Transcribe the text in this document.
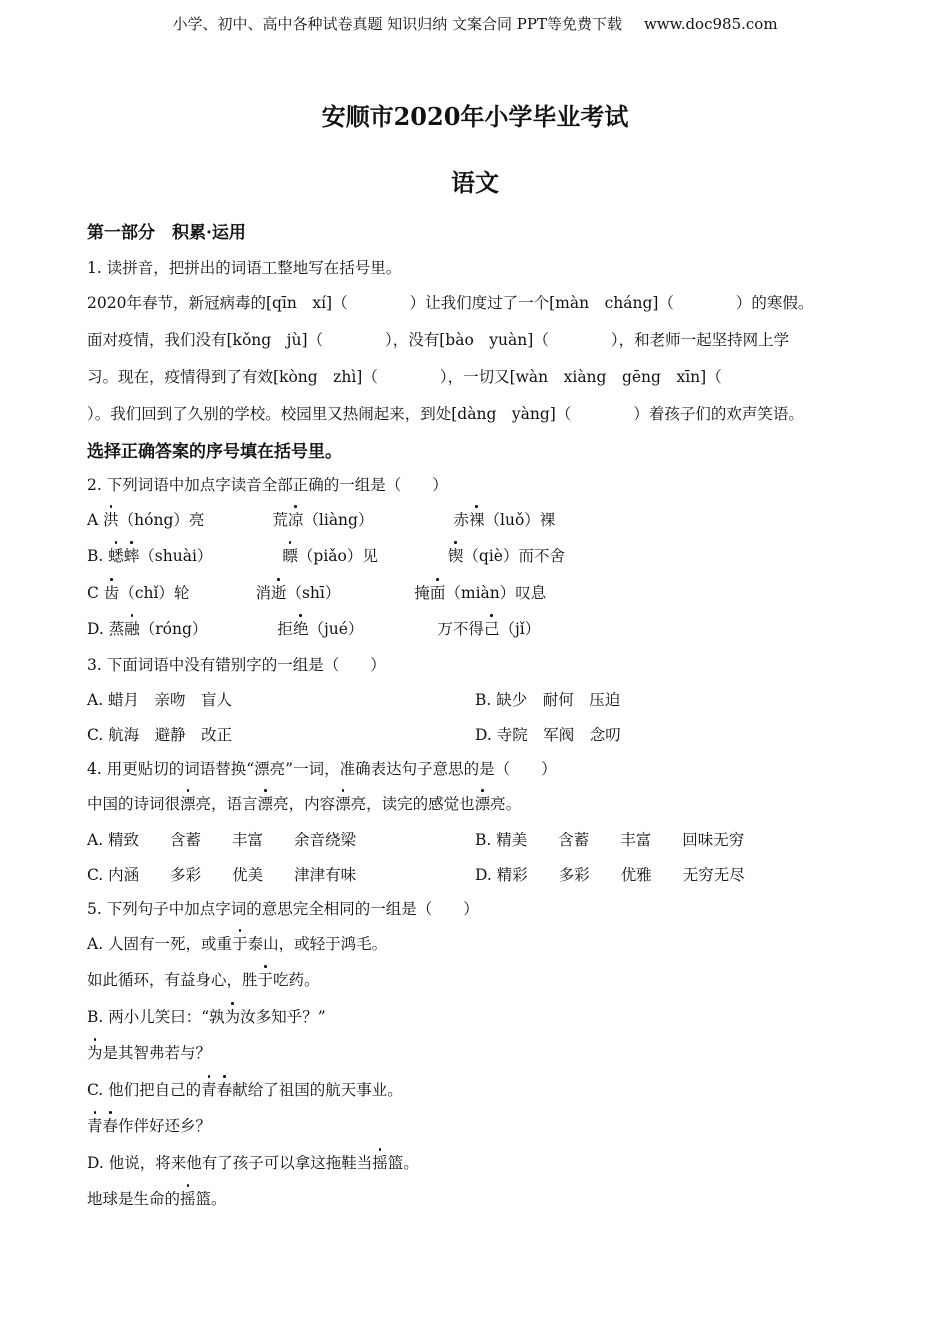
小学、初中、高中各种试卷真题 知识归纳 文案合同 PPT等免费下载 www.doc985.com
安顺市2020年小学毕业考试
语文
第一部分　积累·运用
1. 读拼音，把拼出的词语工整地写在括号里。
2020年春节，新冠病毒的[qīn　xí]（　　　　）让我们度过了一个[màn　cháng]（　　　　）的寒假。
面对疫情，我们没有[kǒng　jù]（　　　　），没有[bào　yuàn]（　　　　），和老师一起坚持网上学
习。现在，疫情得到了有效[kòng　zhì]（　　　　），一切又[wàn　xiàng　gēng　xīn]（
）。我们回到了久别的学校。校园里又热闹起来，到处[dàng　yàng]（　　　　）着孩子们的欢声笑语。
选择正确答案的序号填在括号里。
2. 下列词语中加点字读音全部正确的一组是（　　）
A 洪（hóng）亮	荒凉（liàng）	赤裸（luǒ）裸
B. 蟋蟀（shuài）	瞟（piǎo）见	锲（qiè）而不舍
C 齿（chǐ）轮	消逝（shī）	掩面（miàn）叹息
D. 蒸融（róng）	拒绝（jué）	万不得己（jǐ）
3. 下面词语中没有错别字的一组是（　　）
A. 蜡月　亲吻　盲人	B. 缺少　耐何　压迫
C. 航海　避静　改正	D. 寺院　军阀　念叨
4. 用更贴切的词语替换“漂亮”一词，准确表达句子意思的是（　　）
中国的诗词很漂亮，语言漂亮，内容漂亮，读完的感觉也漂亮。
A. 精致　　含蓄　　丰富　　余音绕梁	B. 精美　　含蓄　　丰富　　回味无穷
C. 内涵　　多彩　　优美　　津津有味	D. 精彩　　多彩　　优雅　　无穷无尽
5. 下列句子中加点字词的意思完全相同的一组是（　　）
A. 人固有一死，或重于泰山，或轻于鸿毛。
如此循环，有益身心，胜于吃药。
B. 两小儿笑曰：“孰为汝多知乎？”
为是其智弗若与？
C. 他们把自己的青春献给了祖国的航天事业。
青春作伴好还乡？
D. 他说，将来他有了孩子可以拿这拖鞋当摇篮。
地球是生命的摇篮。
